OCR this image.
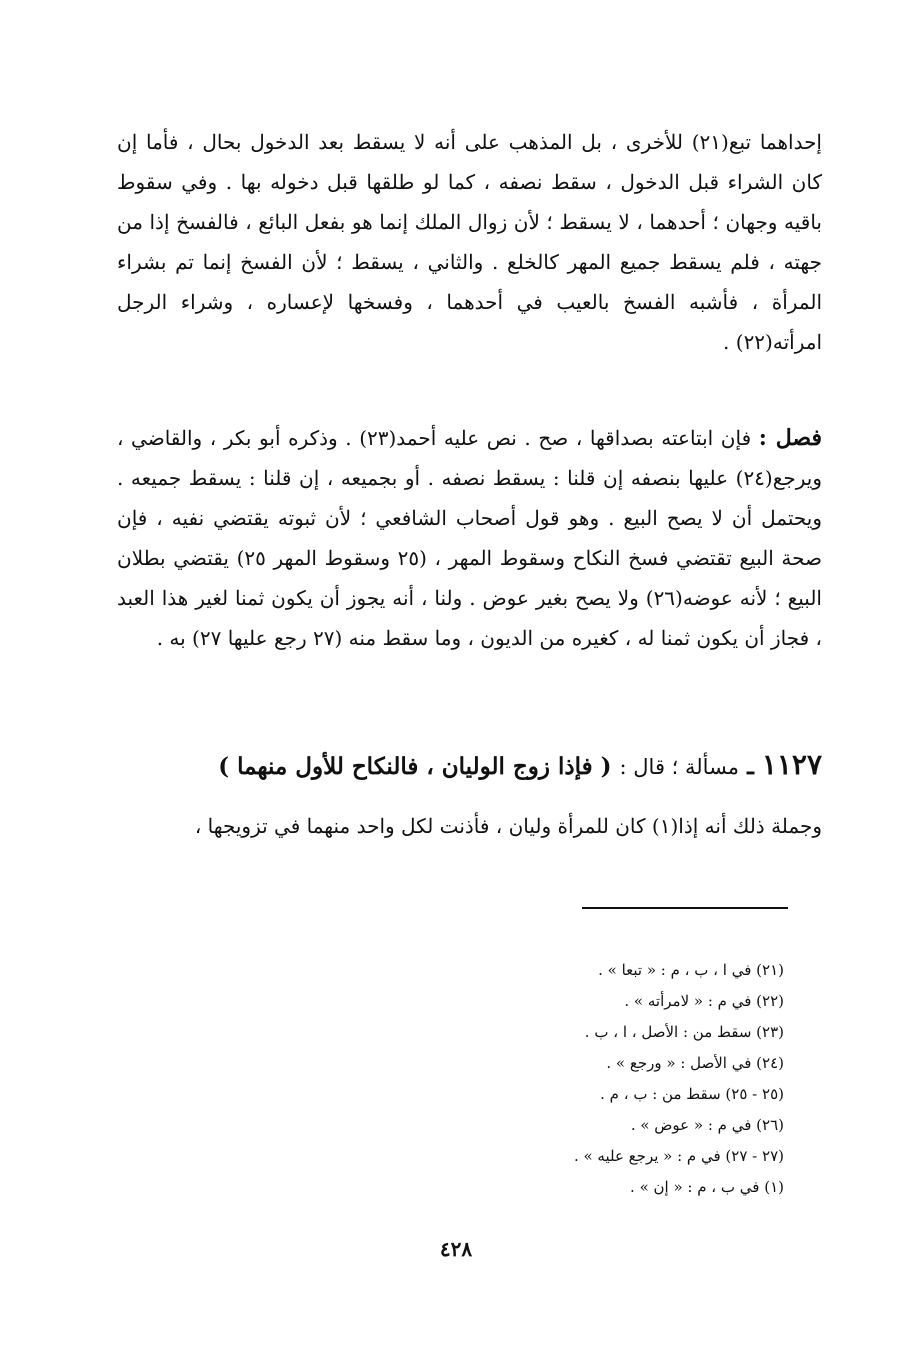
إحداهما تبع(٢١) للأخرى ، بل المذهب على أنه لا يسقط بعد الدخول بحال ، فأما إن كان الشراء قبل الدخول ، سقط نصفه ، كما لو طلقها قبل دخوله بها . وفي سقوط باقيه وجهان ؛ أحدهما ، لا يسقط ؛ لأن زوال الملك إنما هو بفعل البائع ، فالفسخ إذا من جهته ، فلم يسقط جميع المهر كالخلع . والثاني ، يسقط ؛ لأن الفسخ إنما تم بشراء المرأة ، فأشبه الفسخ بالعيب في أحدهما ، وفسخها لإعساره ، وشراء الرجل امرأته(٢٢) .
فصل : فإن ابتاعته بصداقها ، صح . نص عليه أحمد(٢٣) . وذكره أبو بكر ، والقاضي ، ويرجع(٢٤) عليها بنصفه إن قلنا : يسقط نصفه . أو بجميعه ، إن قلنا : يسقط جميعه . ويحتمل أن لا يصح البيع . وهو قول أصحاب الشافعي ؛ لأن ثبوته يقتضي نفيه ، فإن صحة البيع تقتضي فسخ النكاح وسقوط المهر ، (٢٥ وسقوط المهر ٢٥) يقتضي بطلان البيع ؛ لأنه عوضه(٢٦) ولا يصح بغير عوض . ولنا ، أنه يجوز أن يكون ثمنا لغير هذا العبد ، فجاز أن يكون ثمنا له ، كغيره من الديون ، وما سقط منه (٢٧ رجع عليها ٢٧) به .
١١٢٧ ـ مسألة ؛ قال : ( فإذا زوج الوليان ، فالنكاح للأول منهما )
وجملة ذلك أنه إذا(١) كان للمرأة وليان ، فأذنت لكل واحد منهما في تزويجها ،
(٢١) في ا ، ب ، م : « تبعا » .
(٢٢) في م : « لامرأته » .
(٢٣) سقط من : الأصل ، ا ، ب .
(٢٤) في الأصل : « ورجع » .
(٢٥ - ٢٥) سقط من : ب ، م .
(٢٦) في م : « عوض » .
(٢٧ - ٢٧) في م : « يرجع عليه » .
(١) في ب ، م : « إن » .
٤٢٨
